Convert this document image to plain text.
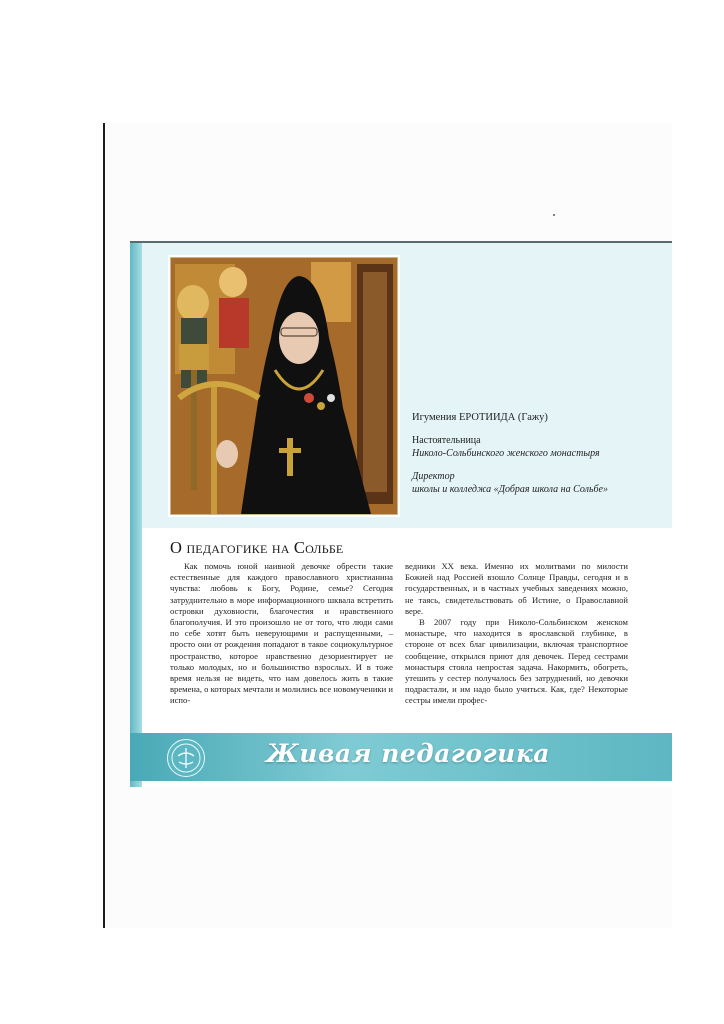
Игумения ЕРОТИИДА (Гажу)
Настоятельница
Николо-Сольбинского женского монастыря
Директор
школы и колледжа «Добрая школа на Сольбе»
О педагогике на Сольбе

Как помочь юной наивной девочке обрести такие естественные для каждого православного христианина чувства: любовь к Богу, Родине, семье? Сегодня затруднительно в море информационного шквала встретить островки духовности, благочестия и нравственного благополучия. И это произошло не от того, что люди сами по себе хотят быть неверующими и распущенными, – просто они от рождения попадают в такое социокультурное пространство, которое нравственно дезориентирует не только молодых, но и большинство взрослых. И в тоже время нельзя не видеть, что нам довелось жить в такие времена, о которых мечтали и молились все новомученики и испо-

ведники XX века. Именно их молитвами по милости Божией над Россией взошло Солнце Правды, сегодня и в государственных, и в частных учебных заведениях можно, не таясь, свидетельствовать об Истине, о Православной вере.

В 2007 году при Николо-Сольбинском женском монастыре, что находится в ярославской глубинке, в стороне от всех благ цивилизации, включая транспортное сообщение, открылся приют для девочек. Перед сестрами монастыря стояла непростая задача. Накормить, обогреть, утешить у сестер получалось без затруднений, но девочки подрастали, и им надо было учиться. Как, где? Некоторые сестры имели профес-

Живая педагогика
